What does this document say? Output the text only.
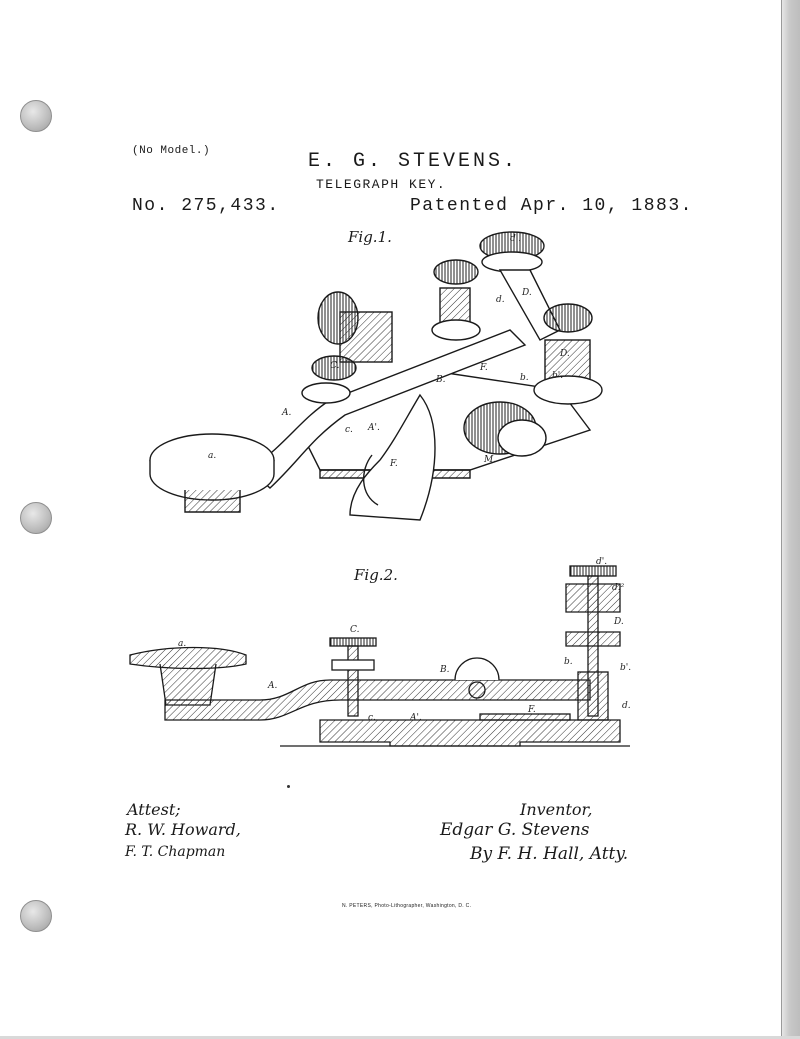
(No Model.)	E. G. STEVENS.
TELEGRAPH KEY.
No. 275,433.	Patented Apr. 10, 1883.
Fig.1.
a.
A.
A'.
c.
C.
B.
F.
F.	M.
D.
d'.
D.
d.
b.	b'.
Fig.2.
a.
A.
A'.
C.
c.
B.
F.
d'.
d.²
D.
b.
b'.
d.
Attest;
R. W. Howard,
F. T. Chapman
Inventor,
Edgar G. Stevens
By F. H. Hall, Atty.
N. PETERS, Photo-Lithographer, Washington, D. C.
